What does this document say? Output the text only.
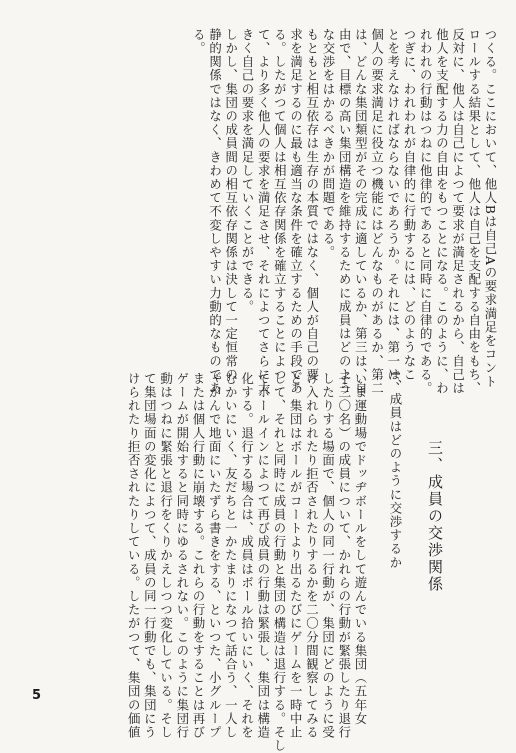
つくる。ここにおいて、他人Bは自己Aの要求満足をコント
ロールする結果として、他人は自己を支配する自由をもち、
反対に、他人は自己によつて要求が満足されるから、自己は
他人を支配する力の自由をもつことになる。このように、わ
れわれの行動はつねに他律的であると同時に自律的である。
つぎに、われわれが自律的に行動するには、どのようなこ
とを考えなければならないであろうか。それには、第一は、
個人の要求満足に役立つ機能にはどんなものがあるか、第二
は、どんな集団類型がその完成に適しているか、第三は、自
由で、目標の高い集団構造を維持するために成員はどのよう
な交渉をはかるべきかが問題である。
もともと相互依存は生存の本質ではなく、個人が自己の要
求を満足するのに最も適当な条件を確立するための手段であ
る。したがつて個人は相互依存関係を確立することによつ
て、より多く他人の要求を満足させ、それによつてさらに大
きく自己の要求を満足していくことができる。
しかし、集団の成員間の相互依存関係は決して一定恒常の
静的関係ではなく、きわめて不変しやすい力動的なものであ
る。
三、成員の交渉関係
1、成員はどのように交渉するか
いま運動場でドッヂボールをして遊んでいる集団（五年女
子三〇名）の成員について、かれらの行動が緊張したり退行
したりする場面で、個人の同一行動が、集団にどのように受
け入れられたり拒否されたりするかを二〇分間観察してみる
と、集団はボールがコートより出るたびにゲームを一時中止
して、それと同時に成員の行動と集団の構造は退行する。そし
てボールインによつて再び成員の行動は緊張し、集団は構造
化する。退行する場合は、成員はボール拾いにいく、それを
むかいにいく、友だちと一かたまりになつて話合う、一人し
ゃがんで地面にいたずら書きをする、といつた、小グループ
または個人行動に崩壊する。これらの行動をすることは再び
ゲームが開始すると同時にゆるされない。このように集団行
動はつねに緊張と退行をくりかえしつつ変化している。そし
て集団場面の変化によつて、成員の同一行動でも、集団にう
けられたり拒否されたりしている。したがつて、集団の価値
5
